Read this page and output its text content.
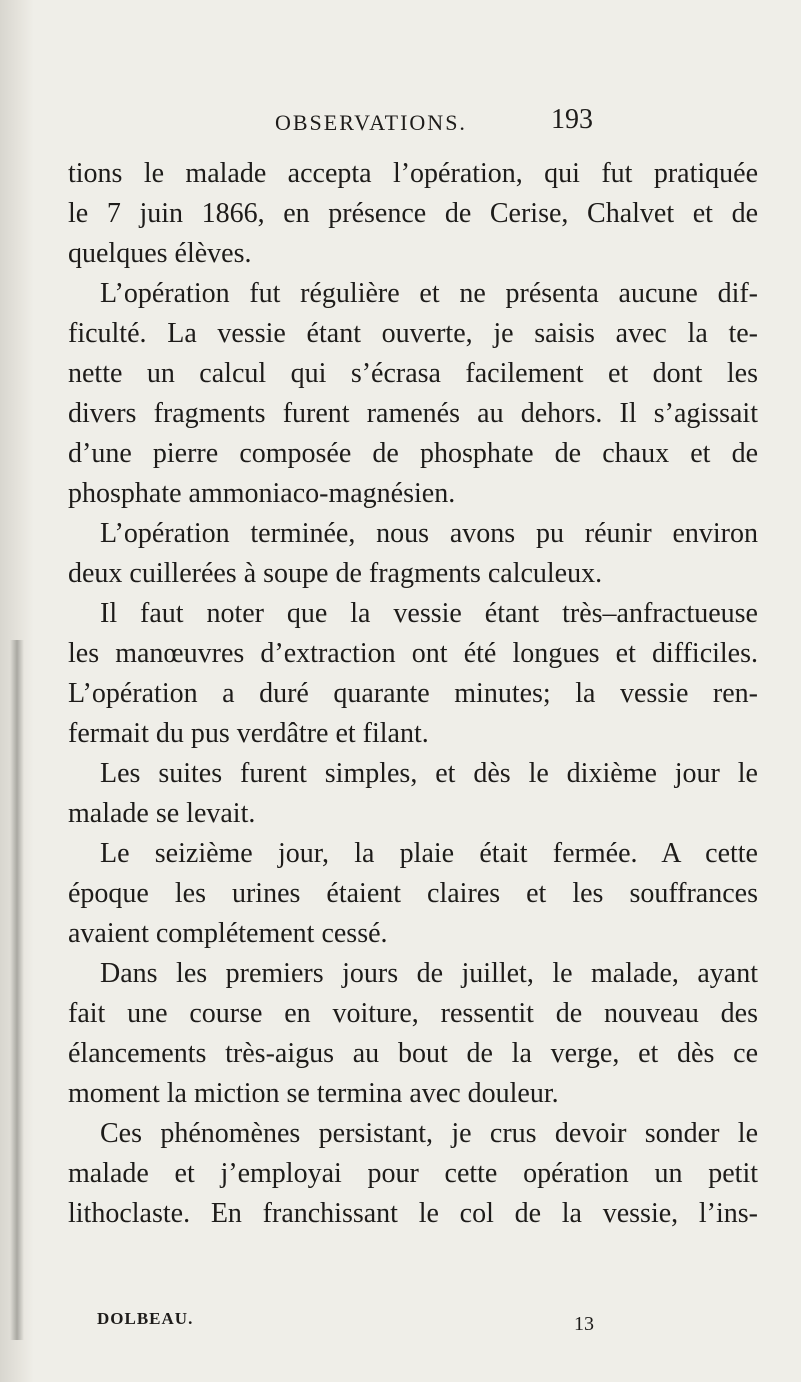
OBSERVATIONS.	193
tions le malade accepta l’opération, qui fut pratiquée
le 7 juin 1866, en présence de Cerise, Chalvet et de
quelques élèves.
L’opération fut régulière et ne présenta aucune dif-
ficulté. La vessie étant ouverte, je saisis avec la te-
nette un calcul qui s’écrasa facilement et dont les
divers fragments furent ramenés au dehors. Il s’agissait
d’une pierre composée de phosphate de chaux et de
phosphate ammoniaco-magnésien.
L’opération terminée, nous avons pu réunir environ
deux cuillerées à soupe de fragments calculeux.
Il faut noter que la vessie étant très–anfractueuse
les manœuvres d’extraction ont été longues et difficiles.
L’opération a duré quarante minutes; la vessie ren-
fermait du pus verdâtre et filant.
Les suites furent simples, et dès le dixième jour le
malade se levait.
Le seizième jour, la plaie était fermée. A cette
époque les urines étaient claires et les souffrances
avaient complétement cessé.
Dans les premiers jours de juillet, le malade, ayant
fait une course en voiture, ressentit de nouveau des
élancements très-aigus au bout de la verge, et dès ce
moment la miction se termina avec douleur.
Ces phénomènes persistant, je crus devoir sonder le
malade et j’employai pour cette opération un petit
lithoclaste. En franchissant le col de la vessie, l’ins-
DOLBEAU.	13
